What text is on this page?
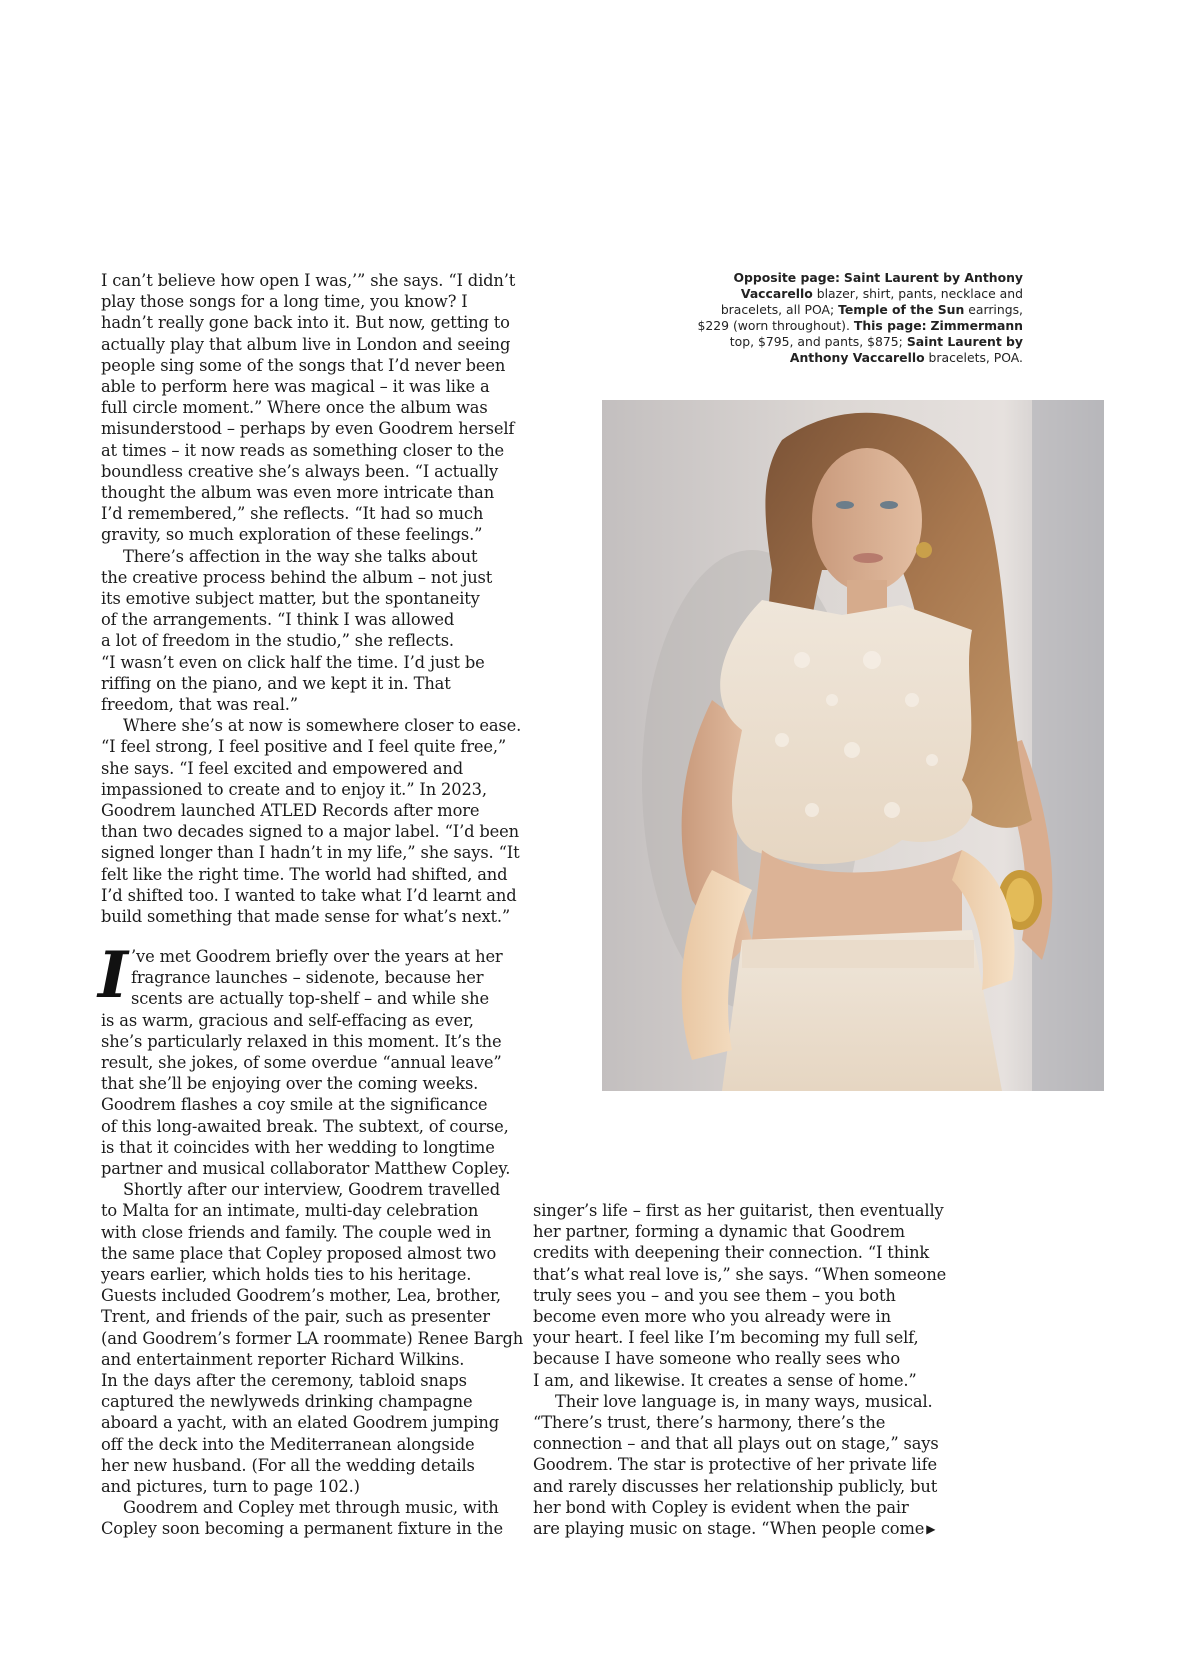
Opposite page: Saint Laurent by Anthony Vaccarello blazer, shirt, pants, necklace and bracelets, all POA; Temple of the Sun earrings, $229 (worn throughout). This page: Zimmermann top, $795, and pants, $875; Saint Laurent by Anthony Vaccarello bracelets, POA.

I can’t believe how open I was,’” she says. “I didn’t

play those songs for a long time, you know? I

hadn’t really gone back into it. But now, getting to

actually play that album live in London and seeing

people sing some of the songs that I’d never been

able to perform here was magical – it was like a

full circle moment.” Where once the album was

misunderstood – perhaps by even Goodrem herself

at times – it now reads as something closer to the

boundless creative she’s always been. “I actually

thought the album was even more intricate than

I’d remembered,” she reflects. “It had so much

gravity, so much exploration of these feelings.”

There’s affection in the way she talks about

the creative process behind the album – not just

its emotive subject matter, but the spontaneity

of the arrangements. “I think I was allowed

a lot of freedom in the studio,” she reflects.

“I wasn’t even on click half the time. I’d just be

riffing on the piano, and we kept it in. That

freedom, that was real.”

Where she’s at now is somewhere closer to ease.

“I feel strong, I feel positive and I feel quite free,”

she says. “I feel excited and empowered and

impassioned to create and to enjoy it.” In 2023,

Goodrem launched ATLED Records after more

than two decades signed to a major label. “I’d been

signed longer than I hadn’t in my life,” she says. “It

felt like the right time. The world had shifted, and

I’d shifted too. I wanted to take what I’d learnt and

build something that made sense for what’s next.”

I ’ve met Goodrem briefly over the years at her

fragrance launches – sidenote, because her

scents are actually top-shelf – and while she

is as warm, gracious and self-effacing as ever,

she’s particularly relaxed in this moment. It’s the

result, she jokes, of some overdue “annual leave”

that she’ll be enjoying over the coming weeks.

Goodrem flashes a coy smile at the significance

of this long-awaited break. The subtext, of course,

is that it coincides with her wedding to longtime

partner and musical collaborator Matthew Copley.

Shortly after our interview, Goodrem travelled

to Malta for an intimate, multi-day celebration

with close friends and family. The couple wed in

the same place that Copley proposed almost two

years earlier, which holds ties to his heritage.

Guests included Goodrem’s mother, Lea, brother,

Trent, and friends of the pair, such as presenter

(and Goodrem’s former LA roommate) Renee Bargh

and entertainment reporter Richard Wilkins.

In the days after the ceremony, tabloid snaps

captured the newlyweds drinking champagne

aboard a yacht, with an elated Goodrem jumping

off the deck into the Mediterranean alongside

her new husband. (For all the wedding details

and pictures, turn to page 102.)

Goodrem and Copley met through music, with

Copley soon becoming a permanent fixture in the

singer’s life – first as her guitarist, then eventually

her partner, forming a dynamic that Goodrem

credits with deepening their connection. “I think

that’s what real love is,” she says. “When someone

truly sees you – and you see them – you both

become even more who you already were in

your heart. I feel like I’m becoming my full self,

because I have someone who really sees who

I am, and likewise. It creates a sense of home.”

Their love language is, in many ways, musical.

“There’s trust, there’s harmony, there’s the

connection – and that all plays out on stage,” says

Goodrem. The star is protective of her private life

and rarely discusses her relationship publicly, but

her bond with Copley is evident when the pair

are playing music on stage. “When people come ▶
